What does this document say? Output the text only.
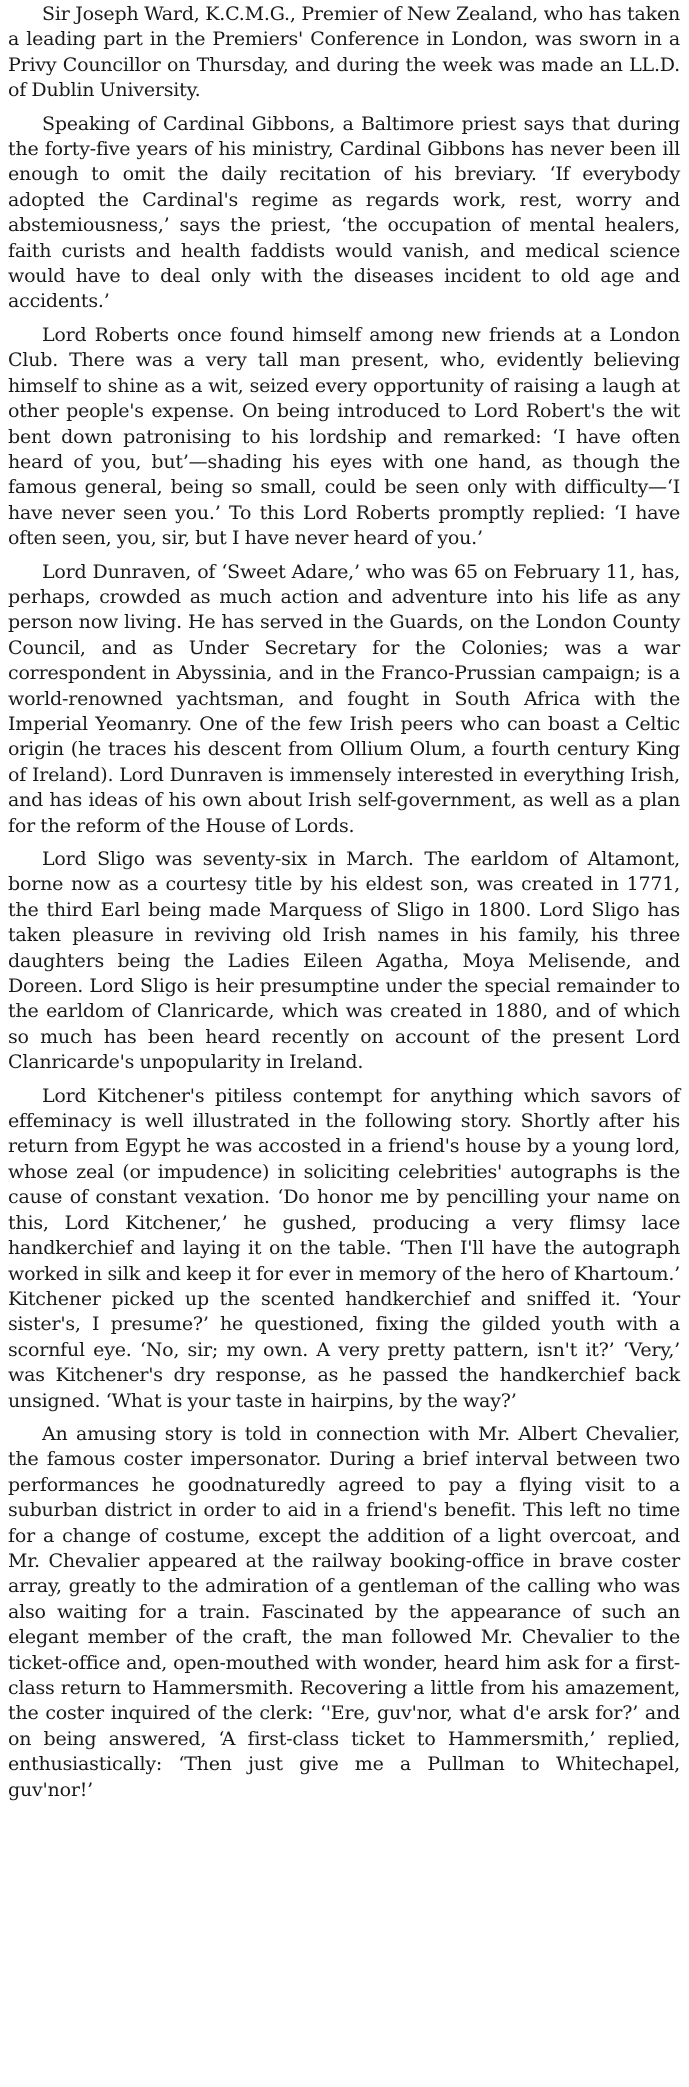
Sir Joseph Ward, K.C.M.G., Premier of New Zealand, who has taken a leading part in the Premiers' Conference in London, was sworn in a Privy Councillor on Thursday, and during the week was made an LL.D. of Dublin University.

Speaking of Cardinal Gibbons, a Baltimore priest says that during the forty-five years of his ministry, Cardinal Gibbons has never been ill enough to omit the daily recitation of his breviary. ‘If everybody adopted the Cardinal's regime as regards work, rest, worry and abstemiousness,’ says the priest, ‘the occupation of mental healers, faith curists and health faddists would vanish, and medical science would have to deal only with the diseases incident to old age and accidents.’

Lord Roberts once found himself among new friends at a London Club. There was a very tall man present, who, evidently believing himself to shine as a wit, seized every opportunity of raising a laugh at other people's expense. On being introduced to Lord Robert's the wit bent down patronising to his lordship and remarked: ‘I have often heard of you, but’—shading his eyes with one hand, as though the famous general, being so small, could be seen only with difficulty—‘I have never seen you.’ To this Lord Roberts promptly replied: ‘I have often seen, you, sir, but I have never heard of you.’

Lord Dunraven, of ‘Sweet Adare,’ who was 65 on February 11, has, perhaps, crowded as much action and adventure into his life as any person now living. He has served in the Guards, on the London County Council, and as Under Secretary for the Colonies; was a war correspondent in Abyssinia, and in the Franco-Prussian campaign; is a world-renowned yachtsman, and fought in South Africa with the Imperial Yeomanry. One of the few Irish peers who can boast a Celtic origin (he traces his descent from Ollium Olum, a fourth century King of Ireland). Lord Dunraven is immensely interested in everything Irish, and has ideas of his own about Irish self-government, as well as a plan for the reform of the House of Lords.

Lord Sligo was seventy-six in March. The earldom of Altamont, borne now as a courtesy title by his eldest son, was created in 1771, the third Earl being made Marquess of Sligo in 1800. Lord Sligo has taken pleasure in reviving old Irish names in his family, his three daughters being the Ladies Eileen Agatha, Moya Melisende, and Doreen. Lord Sligo is heir presumptine under the special remainder to the earldom of Clanricarde, which was created in 1880, and of which so much has been heard recently on account of the present Lord Clanricarde's unpopularity in Ireland.

Lord Kitchener's pitiless contempt for anything which savors of effeminacy is well illustrated in the following story. Shortly after his return from Egypt he was accosted in a friend's house by a young lord, whose zeal (or impudence) in soliciting celebrities' autographs is the cause of constant vexation. ‘Do honor me by pencilling your name on this, Lord Kitchener,’ he gushed, producing a very flimsy lace handkerchief and laying it on the table. ‘Then I'll have the autograph worked in silk and keep it for ever in memory of the hero of Khartoum.’ Kitchener picked up the scented handkerchief and sniffed it. ‘Your sister's, I presume?’ he questioned, fixing the gilded youth with a scornful eye. ‘No, sir; my own. A very pretty pattern, isn't it?’ ‘Very,’ was Kitchener's dry response, as he passed the handkerchief back unsigned. ‘What is your taste in hairpins, by the way?’

An amusing story is told in connection with Mr. Albert Chevalier, the famous coster impersonator. During a brief interval between two performances he goodnaturedly agreed to pay a flying visit to a suburban district in order to aid in a friend's benefit. This left no time for a change of costume, except the addition of a light overcoat, and Mr. Chevalier appeared at the railway booking-office in brave coster array, greatly to the admiration of a gentleman of the calling who was also waiting for a train. Fascinated by the appearance of such an elegant member of the craft, the man followed Mr. Chevalier to the ticket-office and, open-mouthed with wonder, heard him ask for a first-class return to Hammersmith. Recovering a little from his amazement, the coster inquired of the clerk: ‘'Ere, guv'nor, what d'e arsk for?’ and on being answered, ‘A first-class ticket to Hammersmith,’ replied, enthusiastically: ‘Then just give me a Pullman to Whitechapel, guv'nor!’
